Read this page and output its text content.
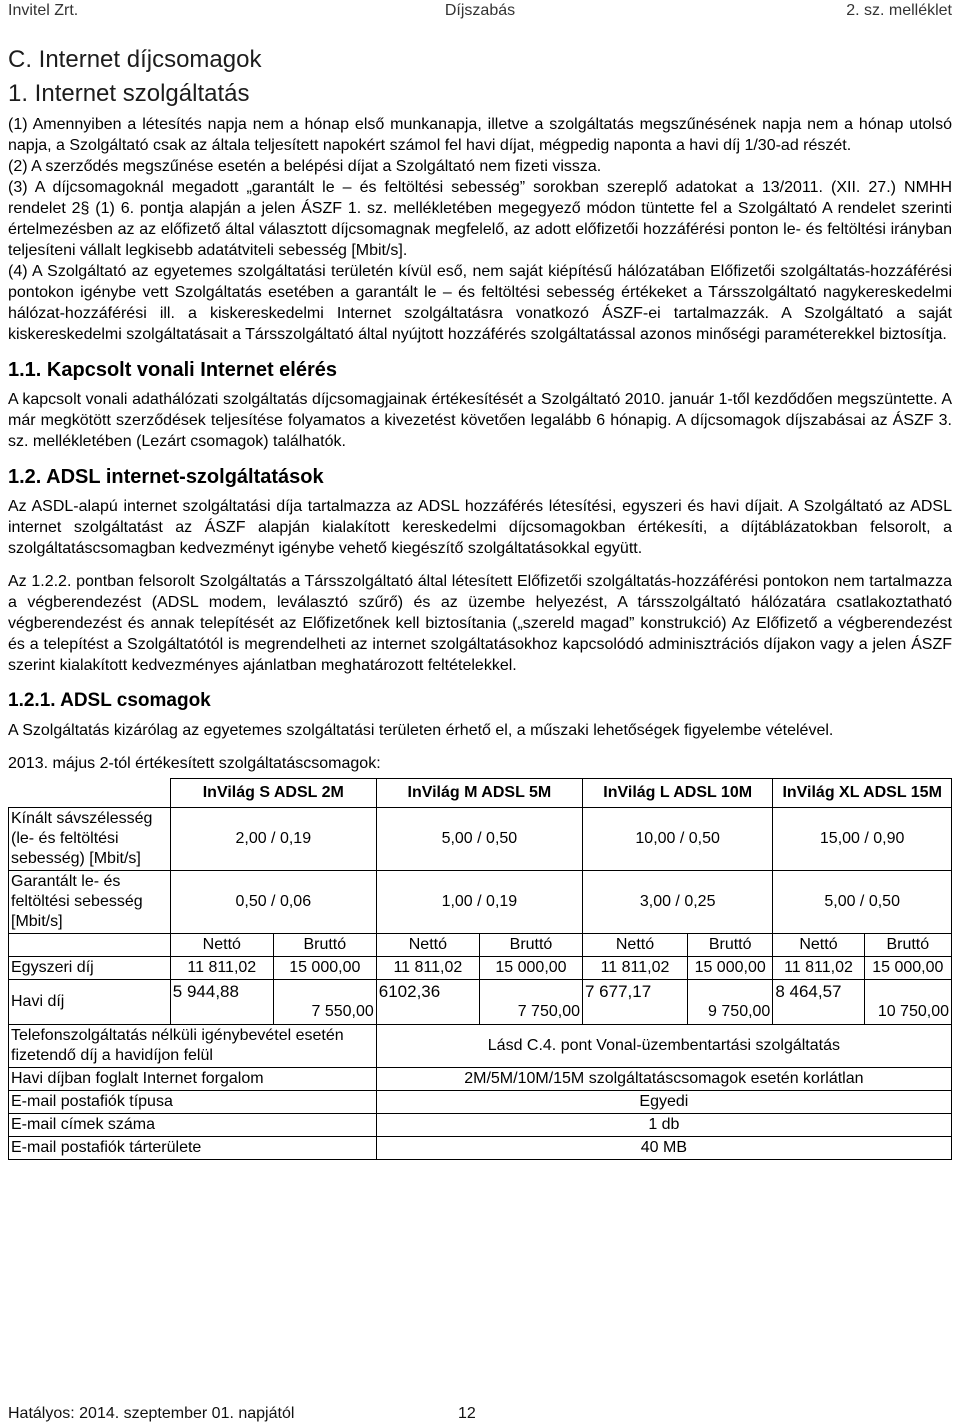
Invitel Zrt.	Díjszabás	2. sz. melléklet
C. Internet díjcsomagok
1. Internet szolgáltatás

(1) Amennyiben a létesítés napja nem a hónap első munkanapja, illetve a szolgáltatás megszűnésének napja nem a hónap utolsó napja, a Szolgáltató csak az általa teljesített napokért számol fel havi díjat, mégpedig naponta a havi díj 1/30-ad részét.

(2) A szerződés megszűnése esetén a belépési díjat a Szolgáltató nem fizeti vissza.

(3) A díjcsomagoknál megadott „garantált le – és feltöltési sebesség” sorokban szereplő adatokat a 13/2011. (XII. 27.) NMHH rendelet 2§ (1) 6. pontja alapján a jelen ÁSZF 1. sz. mellékletében megegyező módon tüntette fel a Szolgáltató A rendelet szerinti értelmezésben az az előfizető által választott díjcsomagnak megfelelő, az adott előfizetői hozzáférési ponton le- és feltöltési irányban teljesíteni vállalt legkisebb adatátviteli sebesség [Mbit/s].

(4) A Szolgáltató az egyetemes szolgáltatási területén kívül eső, nem saját kiépítésű hálózatában Előfizetői szolgáltatás-hozzáférési pontokon igénybe vett Szolgáltatás esetében a garantált le – és feltöltési sebesség értékeket a Társszolgáltató nagykereskedelmi hálózat-hozzáférési ill. a kiskereskedelmi Internet szolgáltatásra vonatkozó ÁSZF-ei tartalmazzák. A Szolgáltató a saját kiskereskedelmi szolgáltatásait a Társszolgáltató által nyújtott hozzáférés szolgáltatással azonos minőségi paraméterekkel biztosítja.

1.1. Kapcsolt vonali Internet elérés

A kapcsolt vonali adathálózati szolgáltatás díjcsomagjainak értékesítését a Szolgáltató 2010. január 1-től kezdődően megszüntette. A már megkötött szerződések teljesítése folyamatos a kivezetést követően legalább 6 hónapig. A díjcsomagok díjszabásai az ÁSZF 3. sz. mellékletében (Lezárt csomagok) találhatók.

1.2. ADSL internet-szolgáltatások

Az ASDL-alapú internet szolgáltatási díja tartalmazza az ADSL hozzáférés létesítési, egyszeri és havi díjait. A Szolgáltató az ADSL internet szolgáltatást az ÁSZF alapján kialakított kereskedelmi díjcsomagokban értékesíti, a díjtáblázatokban felsorolt, a szolgáltatáscsomagban kedvezményt igénybe vehető kiegészítő szolgáltatásokkal együtt.

Az 1.2.2. pontban felsorolt Szolgáltatás a Társszolgáltató által létesített Előfizetői szolgáltatás-hozzáférési pontokon nem tartalmazza a végberendezést (ADSL modem, leválasztó szűrő) és az üzembe helyezést, A társszolgáltató hálózatára csatlakoztatható végberendezést és annak telepítését az Előfizetőnek kell biztosítania („szereld magad” konstrukció) Az Előfizető a végberendezést és a telepítést a Szolgáltatótól is megrendelheti az internet szolgáltatásokhoz kapcsolódó adminisztrációs díjakon vagy a jelen ÁSZF szerint kialakított kedvezményes ajánlatban meghatározott feltételekkel.

1.2.1. ADSL csomagok

A Szolgáltatás kizárólag az egyetemes szolgáltatási területen érhető el, a műszaki lehetőségek figyelembe vételével.

2013. május 2-tól értékesített szolgáltatáscsomagok:

	InVilág S ADSL 2M		InVilág M ADSL 5M		InVilág L ADSL 10M		InVilág XL ADSL 15M	
Kínált sávszélesség (le- és feltöltési sebesség) [Mbit/s]	2,00 / 0,19		5,00 / 0,50		10,00 / 0,50		15,00 / 0,90	
Garantált le- és feltöltési sebesség [Mbit/s]	0,50 / 0,06		1,00 / 0,19		3,00 / 0,25		5,00 / 0,50	
	Nettó	Bruttó	Nettó	Bruttó	Nettó	Bruttó	Nettó	Bruttó
Egyszeri díj	11 811,02	15 000,00	11 811,02	15 000,00	11 811,02	15 000,00	11 811,02	15 000,00
Havi díj	5 944,88	7 550,00	6102,36	7 750,00	7 677,17	9 750,00	8 464,57	10 750,00

Telefonszolgáltatás nélküli igénybevétel esetén fizetendő díj a havidíjon felül			Lásd C.4. pont Vonal-üzembentartási szolgáltatás					
Havi díjban foglalt Internet forgalom			2M/5M/10M/15M szolgáltatáscsomagok esetén korlátlan					
E-mail postafiók típusa			Egyedi					
E-mail címek száma			1 db					
E-mail postafiók tárterülete			40 MB					
Hatályos: 2014. szeptember 01. napjától	12
